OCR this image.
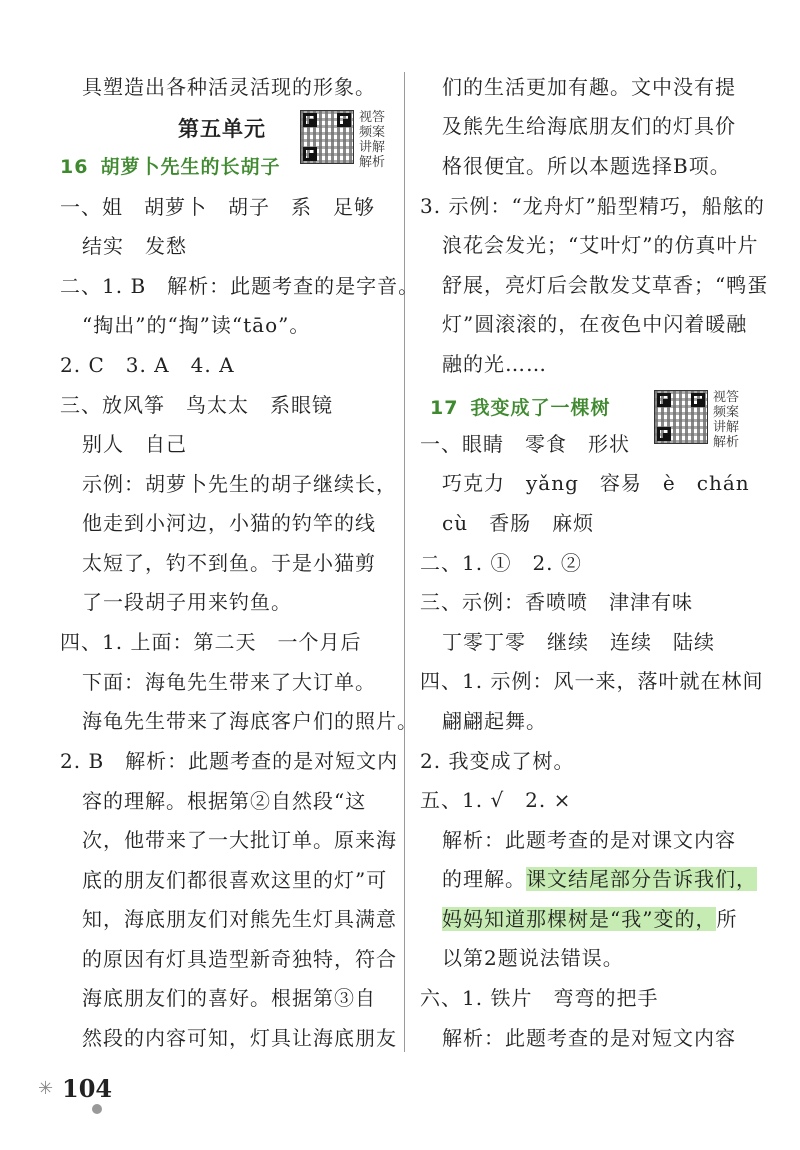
具塑造出各种活灵活现的形象。
第五单元	视答
频案
讲解
解析
16 胡萝卜先生的长胡子
一、姐　胡萝卜　胡子　系　足够
结实　发愁
二、1. B　解析：此题考查的是字音。
“掏出”的“掏”读“tāo”。
2. C　3. A　4. A
三、放风筝　鸟太太　系眼镜
别人　自己
示例：胡萝卜先生的胡子继续长，
他走到小河边，小猫的钓竿的线
太短了，钓不到鱼。于是小猫剪
了一段胡子用来钓鱼。
四、1. 上面：第二天　一个月后
下面：海龟先生带来了大订单。
海龟先生带来了海底客户们的照片。
2. B　解析：此题考查的是对短文内
容的理解。根据第②自然段“这
次，他带来了一大批订单。原来海
底的朋友们都很喜欢这里的灯”可
知，海底朋友们对熊先生灯具满意
的原因有灯具造型新奇独特，符合
海底朋友们的喜好。根据第③自
然段的内容可知，灯具让海底朋友
们的生活更加有趣。文中没有提
及熊先生给海底朋友们的灯具价
格很便宜。所以本题选择B项。
3. 示例：“龙舟灯”船型精巧，船舷的
浪花会发光；“艾叶灯”的仿真叶片
舒展，亮灯后会散发艾草香；“鸭蛋
灯”圆滚滚的，在夜色中闪着暖融
融的光……
17 我变成了一棵树	视答
频案
讲解
解析
一、眼睛　零食　形状
巧克力　yǎng　容易　è　chán
cù　香肠　麻烦
二、1. ①　2. ②
三、示例：香喷喷　津津有味
丁零丁零　继续　连续　陆续
四、1. 示例：风一来，落叶就在林间
翩翩起舞。
2. 我变成了树。
五、1. √　2. ×
解析：此题考查的是对课文内容
的理解。课文结尾部分告诉我们，
妈妈知道那棵树是“我”变的，所
以第2题说法错误。
六、1. 铁片　弯弯的把手
解析：此题考查的是对短文内容
✳ 104
